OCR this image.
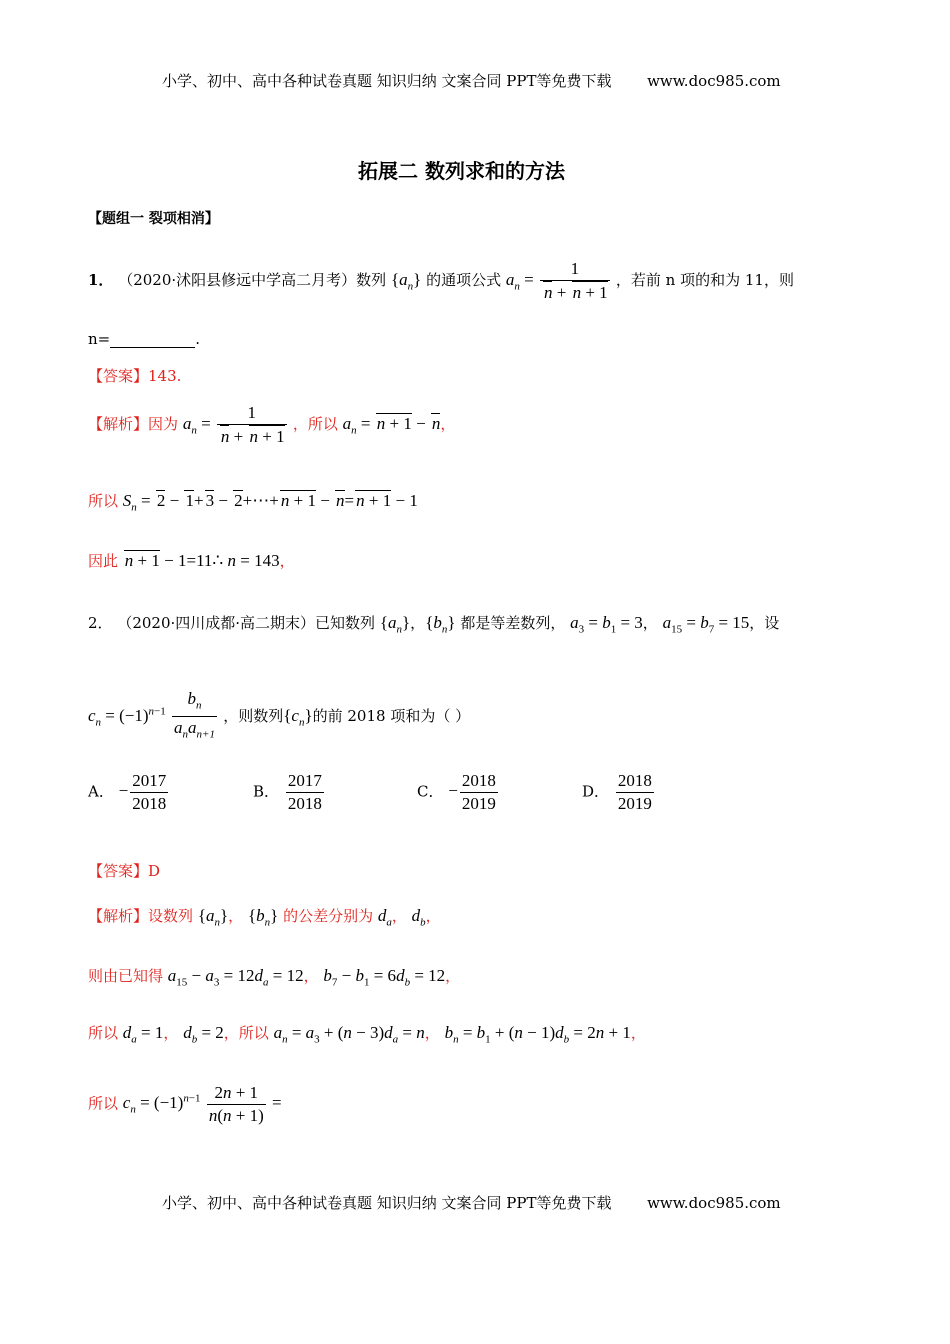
小学、初中、高中各种试卷真题 知识归纳 文案合同 PPT等免费下载 www.doc985.com
拓展二 数列求和的方法
【题组一 裂项相消】
1． （2020·沭阳县修远中学高二月考）数列 $\{a_n\}$ 的通项公式 $a_n = \frac{1}{n + n + 1}$ ，若前 n 项的和为 11，则
n=	.
【答案】143.
【解析】因为 $a_n = \frac{1}{n + n + 1}$ ，所以 $a_n = n + 1 - n$，
所以 $S_n = 2 - 1+ 3$ − 2+⋯+ n + 1 − n= n + 1 − 1
因此 n + 1 − 1=11∴ n = 143，
2． （2020·四川成都·高二期末）已知数列 $\{a_n\}$，$\{b_n\}$ 都是等差数列， $a_3 = b_1 = 3$， $a_{15} = b_7 = 15$，设
$c_n = (-1)^{n-1} \frac{b_n}{a_na_{n+1}}$ ，则数列$\{c_n\}$的前 2018 项和为（ ）
A． − $\frac{2017}{2018}$	B． $\frac{2017}{2018}$	C． − $\frac{2018}{2019}$	D． $\frac{2018}{2019}$
【答案】D
【解析】设数列 $\{a_n\}$， $\{b_n\}$ 的公差分别为 $d_a$， $d_b$，
则由已知得 $a_{15} - a_3 = 12d_a = 12$， $b_7 - b_1 = 6d_b = 12$，
所以 $d_a = 1$， $d_b = 2$，所以 $a_n = a_3 + (n - 3)d_a = n$， $b_n = b_1 + (n - 1)d_b = 2n + 1$，
所以 $c_n = (-1)^{n-1} \frac{2n + 1}{n(n + 1)}$ =
小学、初中、高中各种试卷真题 知识归纳 文案合同 PPT等免费下载 www.doc985.com
